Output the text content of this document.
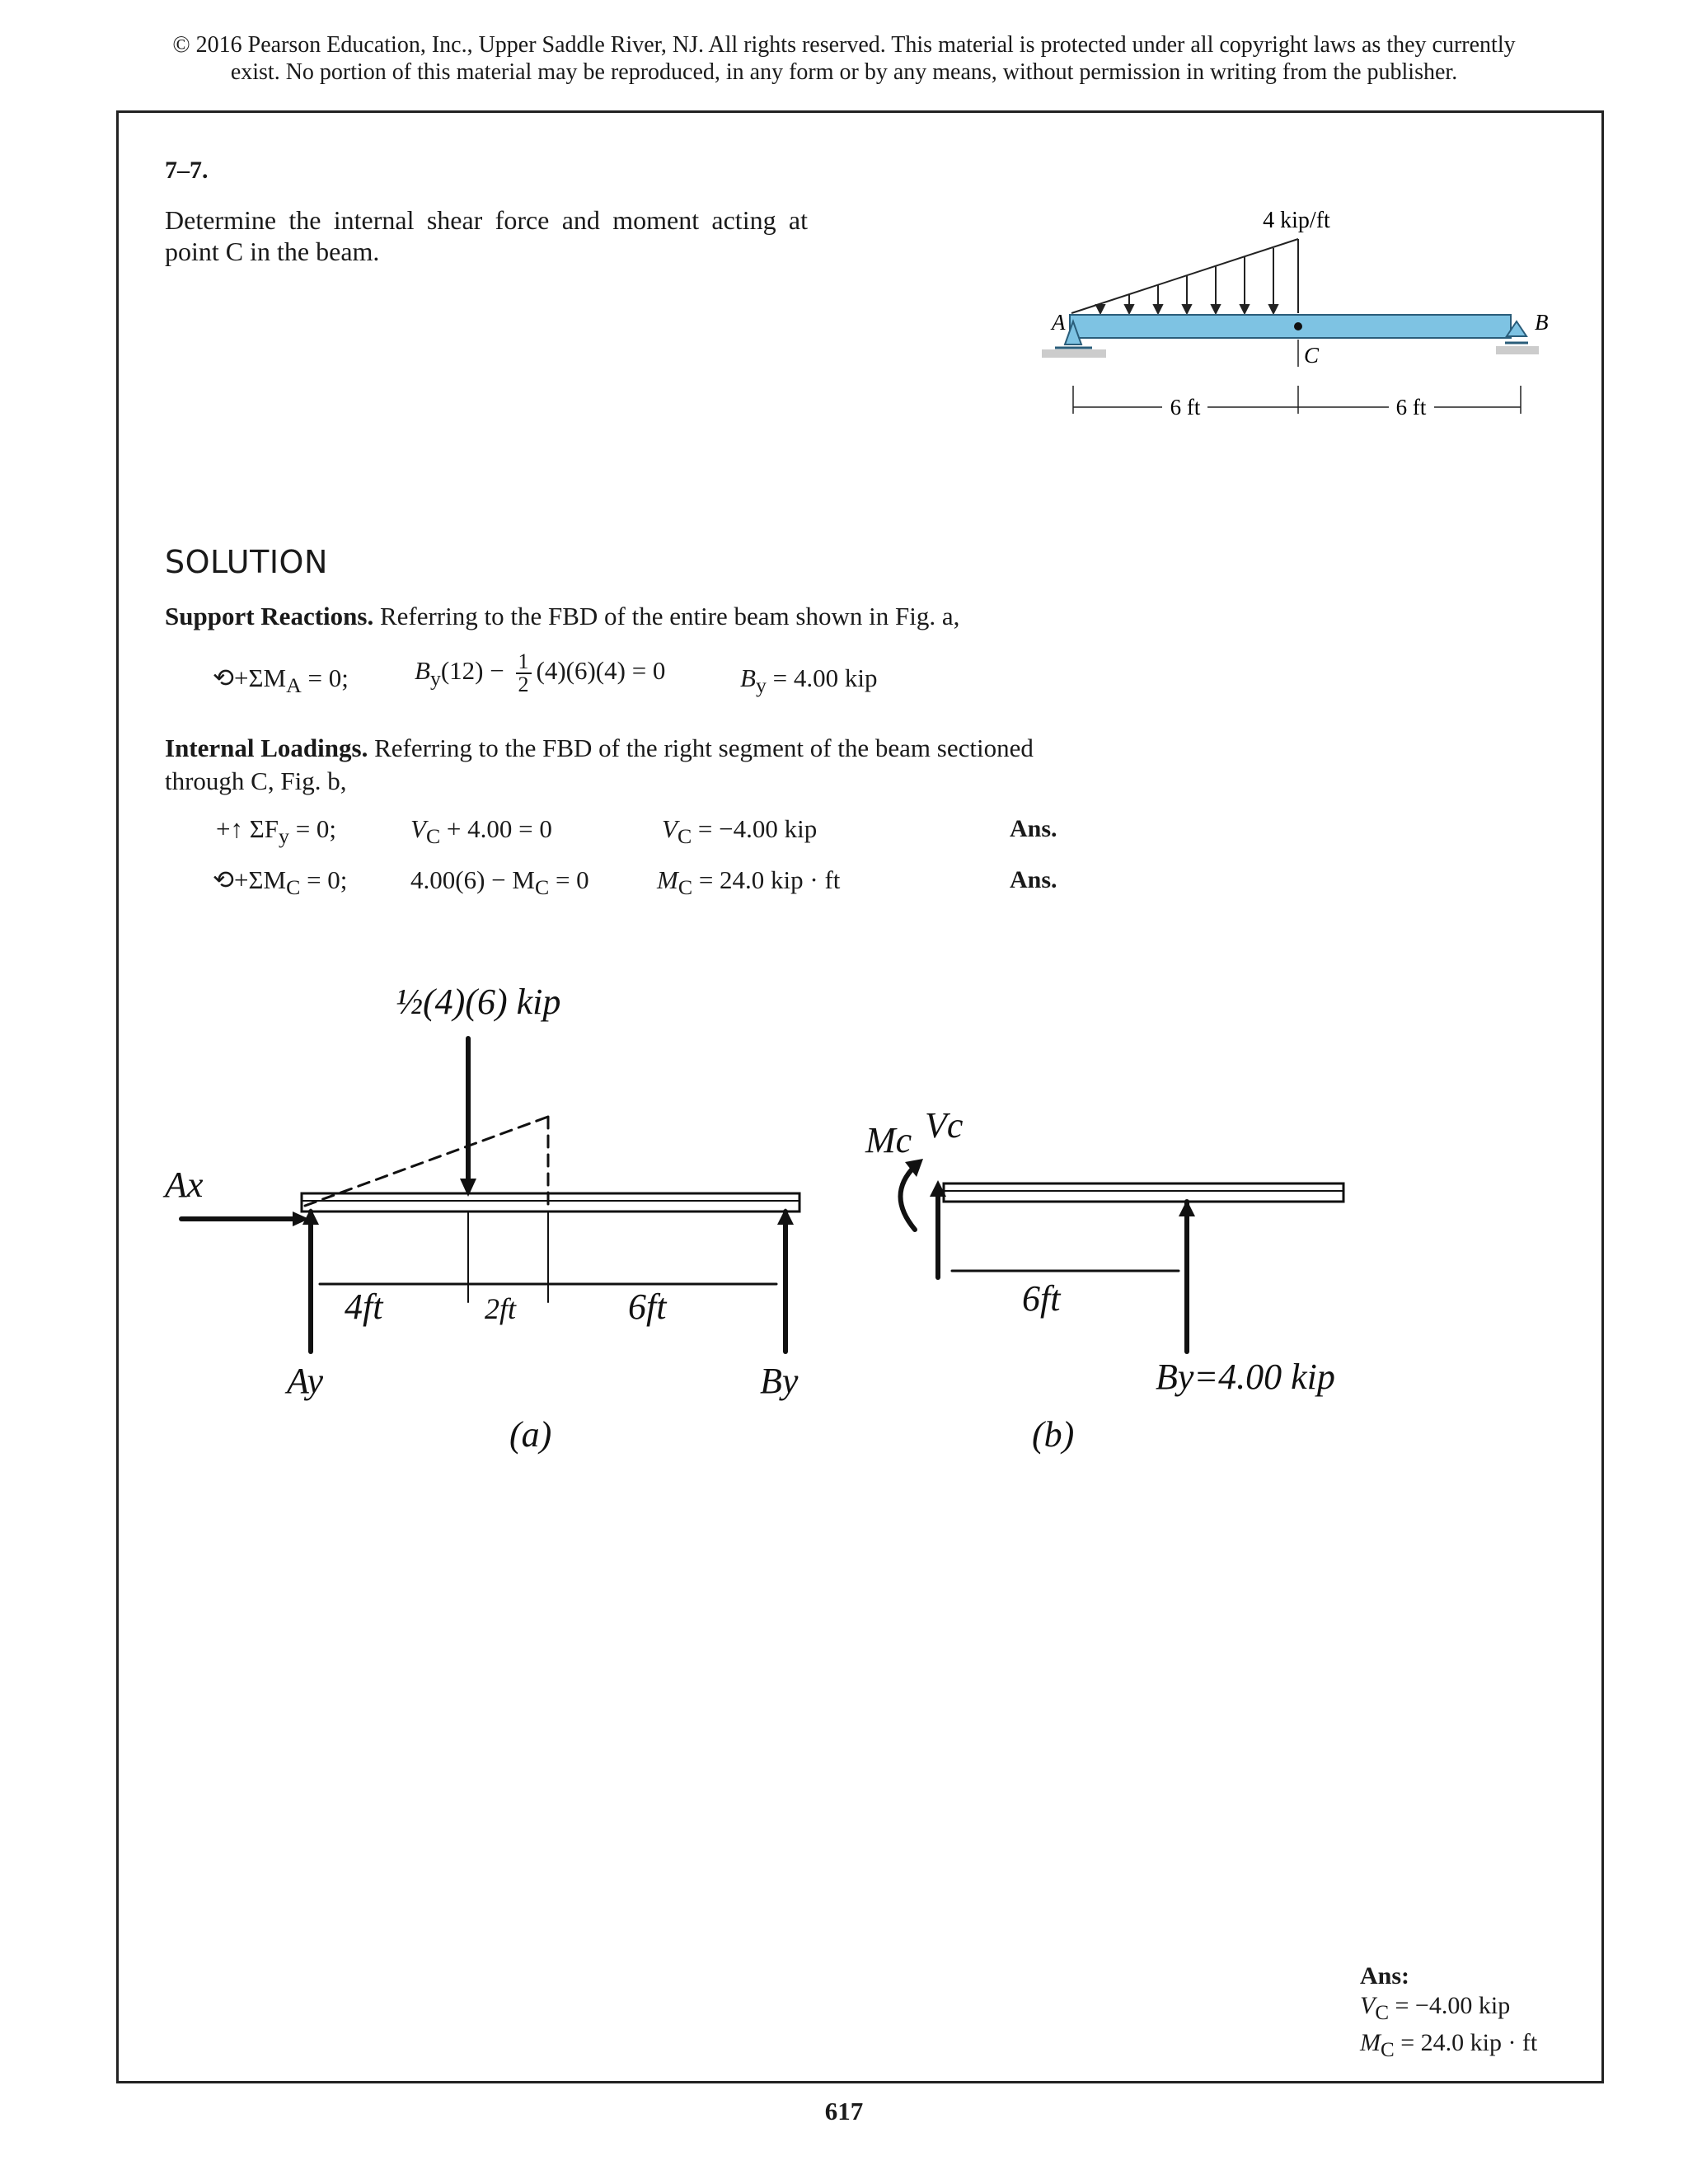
© 2016 Pearson Education, Inc., Upper Saddle River, NJ. All rights reserved. This material is protected under all copyright laws as they currently
exist. No portion of this material may be reproduced, in any form or by any means, without permission in writing from the publisher.
7–7.
Determine the internal shear force and moment acting at point C in the beam.
4 kip/ft
A	B
C
6 ft	6 ft
SOLUTION
Support Reactions. Referring to the FBD of the entire beam shown in Fig. a,
$⟲+\Sigma M_A = 0$;	$B_y(12) - \frac{1}{2} (4)(6)(4) = 0$	$B_y = 4.00$ kip
Internal Loadings. Referring to the FBD of the right segment of the beam sectioned through C, Fig. b,
+↑ $\Sigma F_y = 0$;	$V_C + 4.00 = 0$	$V_C = -4.00$ kip	Ans.
$⟲+\Sigma M_C = 0$; $4.00(6) - M_C = 0$	$M_C = 24.0$ kip · ft	Ans.
½(4)(6) kip
Ax
Ay	By
4ft	2ft	6ft
(a)
Mc Vc
6ft
By=4.00 kip
(b)
Ans:
$V_C = -4.00$ kip
$M_C = 24.0$ kip · ft
617
